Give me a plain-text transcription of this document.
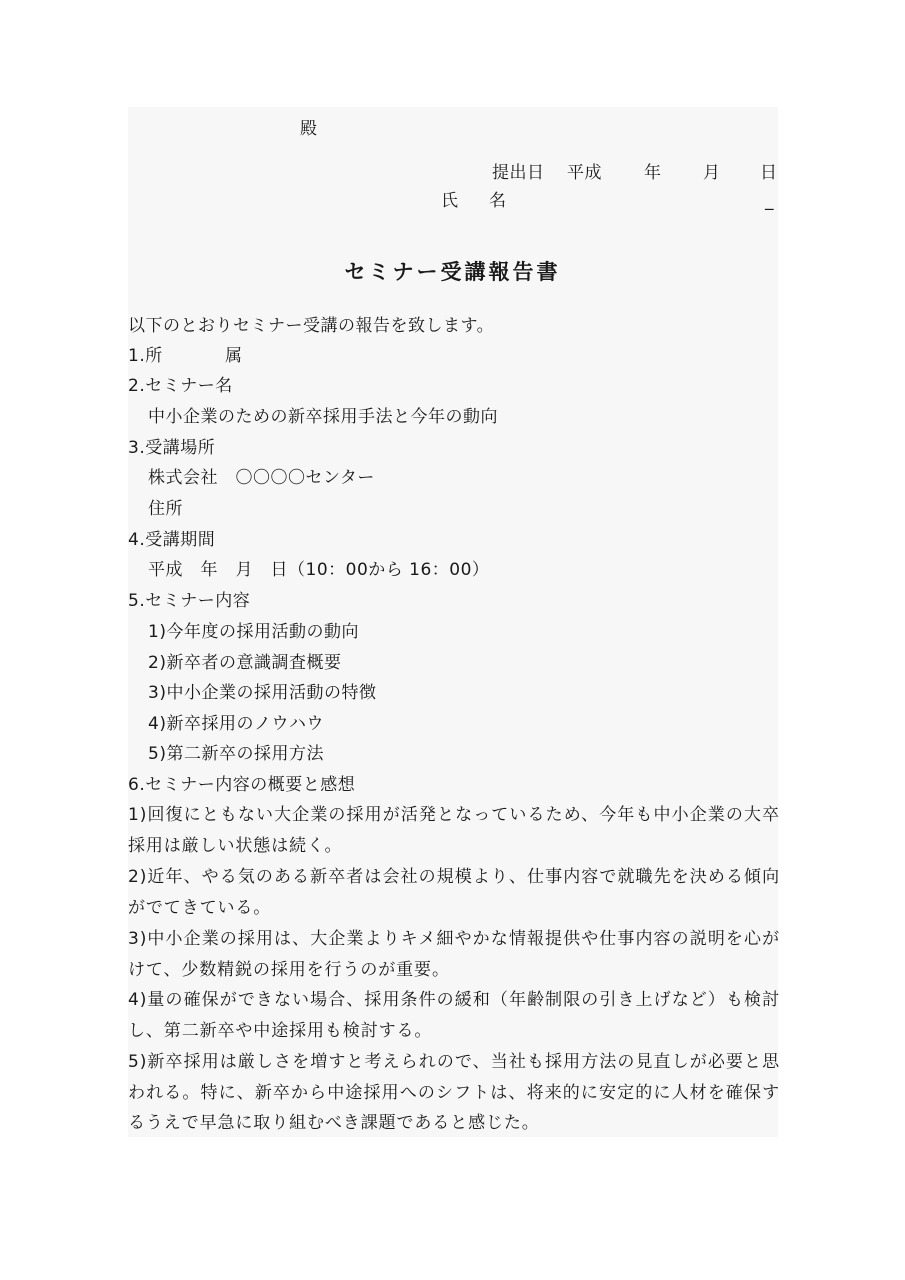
殿
提出日 平成 年 月 日
氏 名	_
セミナー受講報告書
以下のとおりセミナー受講の報告を致します。
1.所	属
2.セミナー名
中小企業のための新卒採用手法と今年の動向
3.受講場所
株式会社　〇〇〇〇センター
住所
4.受講期間
平成　年　月　日（10：00から 16：00）
5.セミナー内容
1)今年度の採用活動の動向
2)新卒者の意識調査概要
3)中小企業の採用活動の特徴
4)新卒採用のノウハウ
5)第二新卒の採用方法
6.セミナー内容の概要と感想
1)回復にともない大企業の採用が活発となっているため、今年も中小企業の大卒採用は厳しい状態は続く。
2)近年、やる気のある新卒者は会社の規模より、仕事内容で就職先を決める傾向がでてきている。
3)中小企業の採用は、大企業よりキメ細やかな情報提供や仕事内容の説明を心がけて、少数精鋭の採用を行うのが重要。
4)量の確保ができない場合、採用条件の緩和（年齢制限の引き上げなど）も検討し、第二新卒や中途採用も検討する。
5)新卒採用は厳しさを増すと考えられので、当社も採用方法の見直しが必要と思われる。特に、新卒から中途採用へのシフトは、将来的に安定的に人材を確保するうえで早急に取り組むべき課題であると感じた。
